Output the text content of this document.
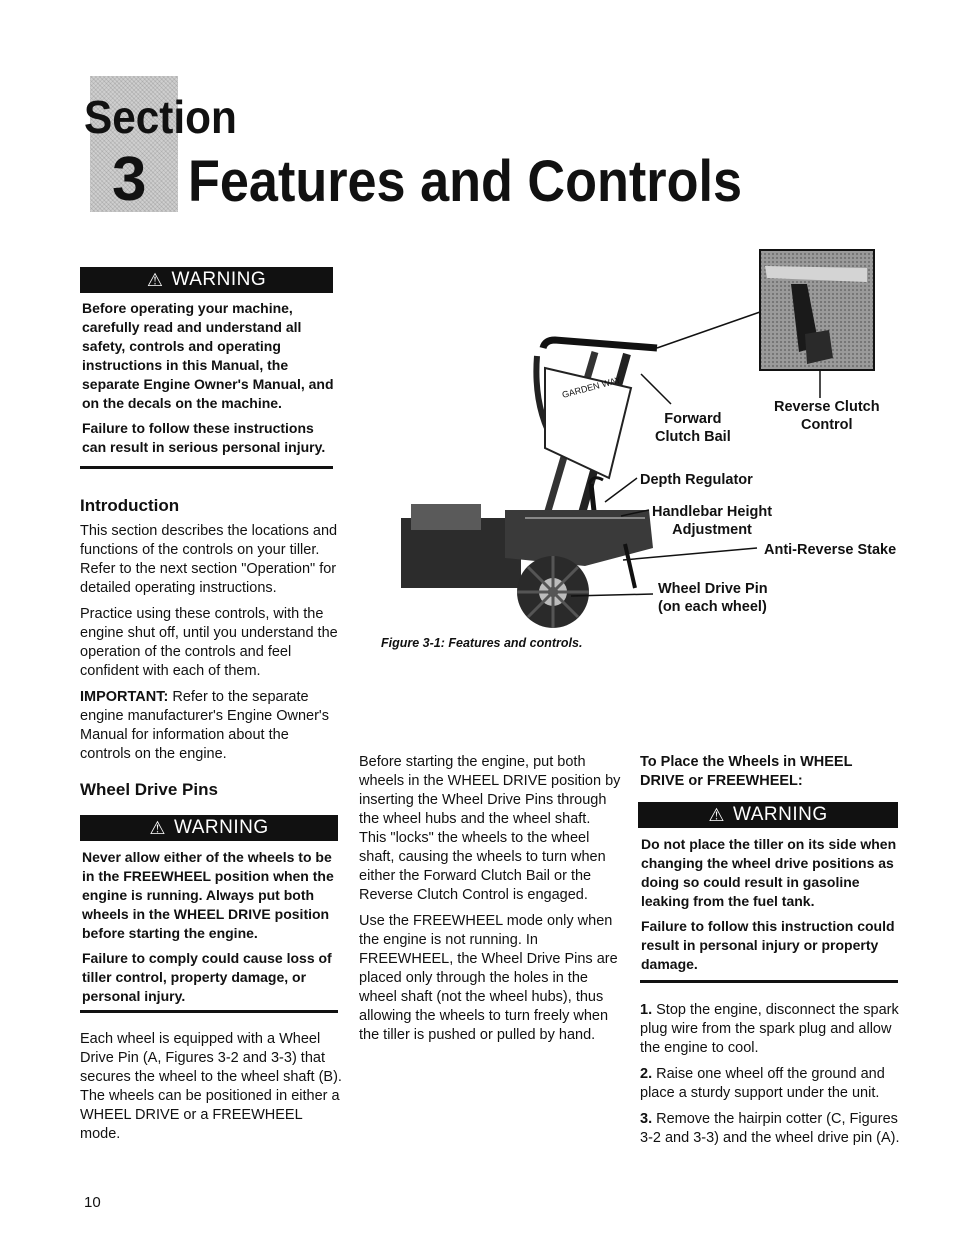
Section
3 Features and Controls
⚠ WARNING

Before operating your machine, carefully read and understand all safety, controls and operating instructions in this Manual, the separate Engine Owner's Manual, and on the decals on the machine.

Failure to follow these instructions can result in serious personal injury.

Introduction

This section describes the locations and functions of the controls on your tiller. Refer to the next section "Operation" for detailed operating instructions.

Practice using these controls, with the engine shut off, until you understand the operation of the controls and feel confident with each of them.

IMPORTANT: Refer to the separate engine manufacturer's Engine Owner's Manual for information about the controls on the engine.

Wheel Drive Pins
⚠ WARNING

Never allow either of the wheels to be in the FREEWHEEL position when the engine is running. Always put both wheels in the WHEEL DRIVE position before starting the engine.

Failure to comply could cause loss of tiller control, property damage, or personal injury.

Each wheel is equipped with a Wheel Drive Pin (A, Figures 3-2 and 3-3) that secures the wheel to the wheel shaft (B). The wheels can be positioned in either a WHEEL DRIVE or a FREEWHEEL mode.

GARDEN WAY
Forward
Clutch Bail
Reverse Clutch
Control
Depth Regulator
Handlebar Height
Adjustment
Anti-Reverse Stake
Wheel Drive Pin
(on each wheel)
Figure 3-1: Features and controls.

Before starting the engine, put both wheels in the WHEEL DRIVE position by inserting the Wheel Drive Pins through the wheel hubs and the wheel shaft. This "locks" the wheels to the wheel shaft, causing the wheels to turn when either the Forward Clutch Bail or the Reverse Clutch Control is engaged.

Use the FREEWHEEL mode only when the engine is not running. In FREEWHEEL, the Wheel Drive Pins are placed only through the holes in the wheel shaft (not the wheel hubs), thus allowing the wheels to turn freely when the tiller is pushed or pulled by hand.

To Place the Wheels in WHEEL DRIVE or FREEWHEEL:
⚠ WARNING

Do not place the tiller on its side when changing the wheel drive positions as doing so could result in gasoline leaking from the fuel tank.

Failure to follow this instruction could result in personal injury or property damage.

1. Stop the engine, disconnect the spark plug wire from the spark plug and allow the engine to cool.

2. Raise one wheel off the ground and place a sturdy support under the unit.

3. Remove the hairpin cotter (C, Figures 3-2 and 3-3) and the wheel drive pin (A).

10
